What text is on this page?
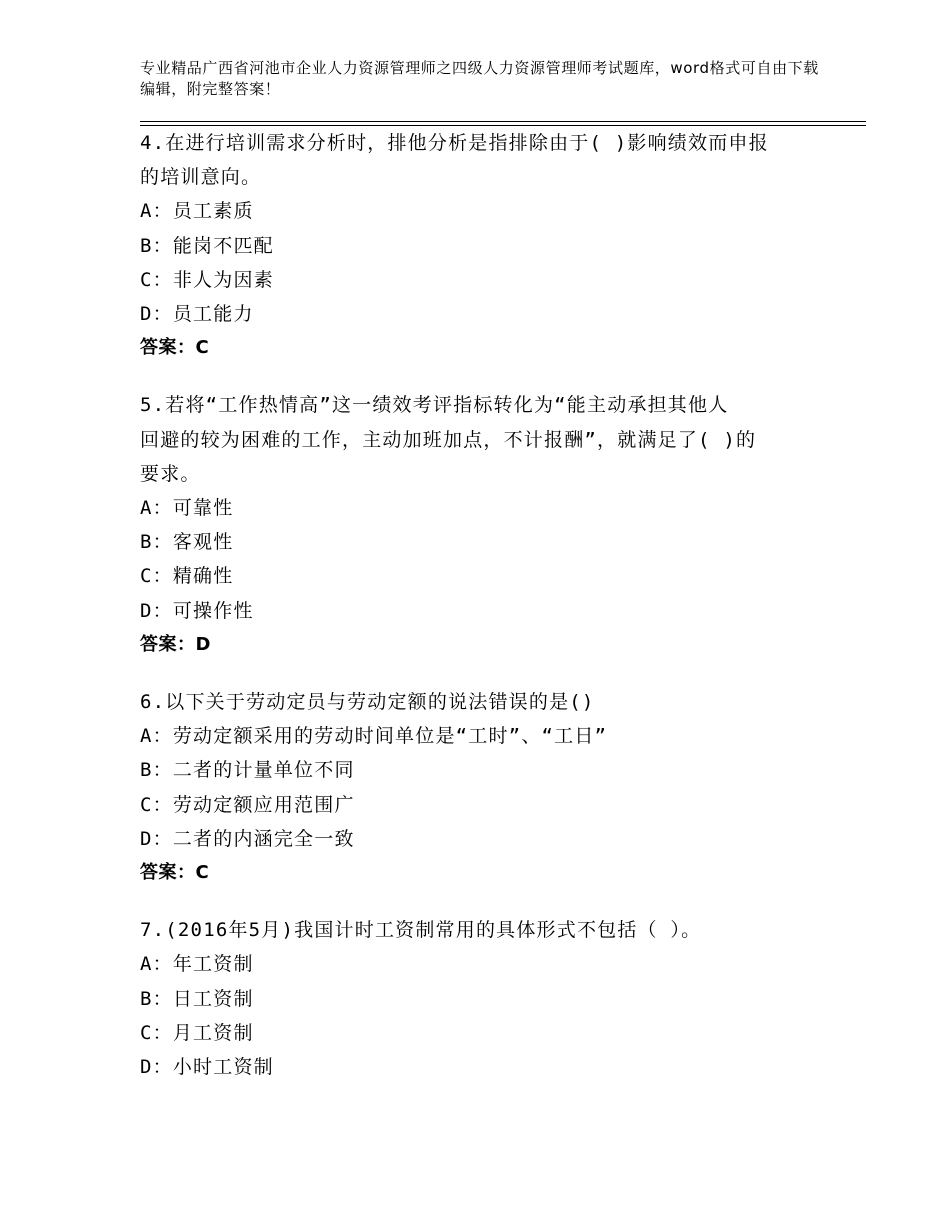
专业精品广西省河池市企业人力资源管理师之四级人力资源管理师考试题库，word格式可自由下载编辑，附完整答案！
4.在进行培训需求分析时，排他分析是指排除由于( )影响绩效而申报
的培训意向。
A：员工素质
B：能岗不匹配
C：非人为因素
D：员工能力
答案：C
5.若将“工作热情高”这一绩效考评指标转化为“能主动承担其他人
回避的较为困难的工作，主动加班加点，不计报酬”，就满足了( )的
要求。
A：可靠性
B：客观性
C：精确性
D：可操作性
答案：D
6.以下关于劳动定员与劳动定额的说法错误的是()
A：劳动定额采用的劳动时间单位是“工时”、“工日”
B：二者的计量单位不同
C：劳动定额应用范围广
D：二者的内涵完全一致
答案：C
7.(2016年5月)我国计时工资制常用的具体形式不包括（ ）。
A：年工资制
B：日工资制
C：月工资制
D：小时工资制
